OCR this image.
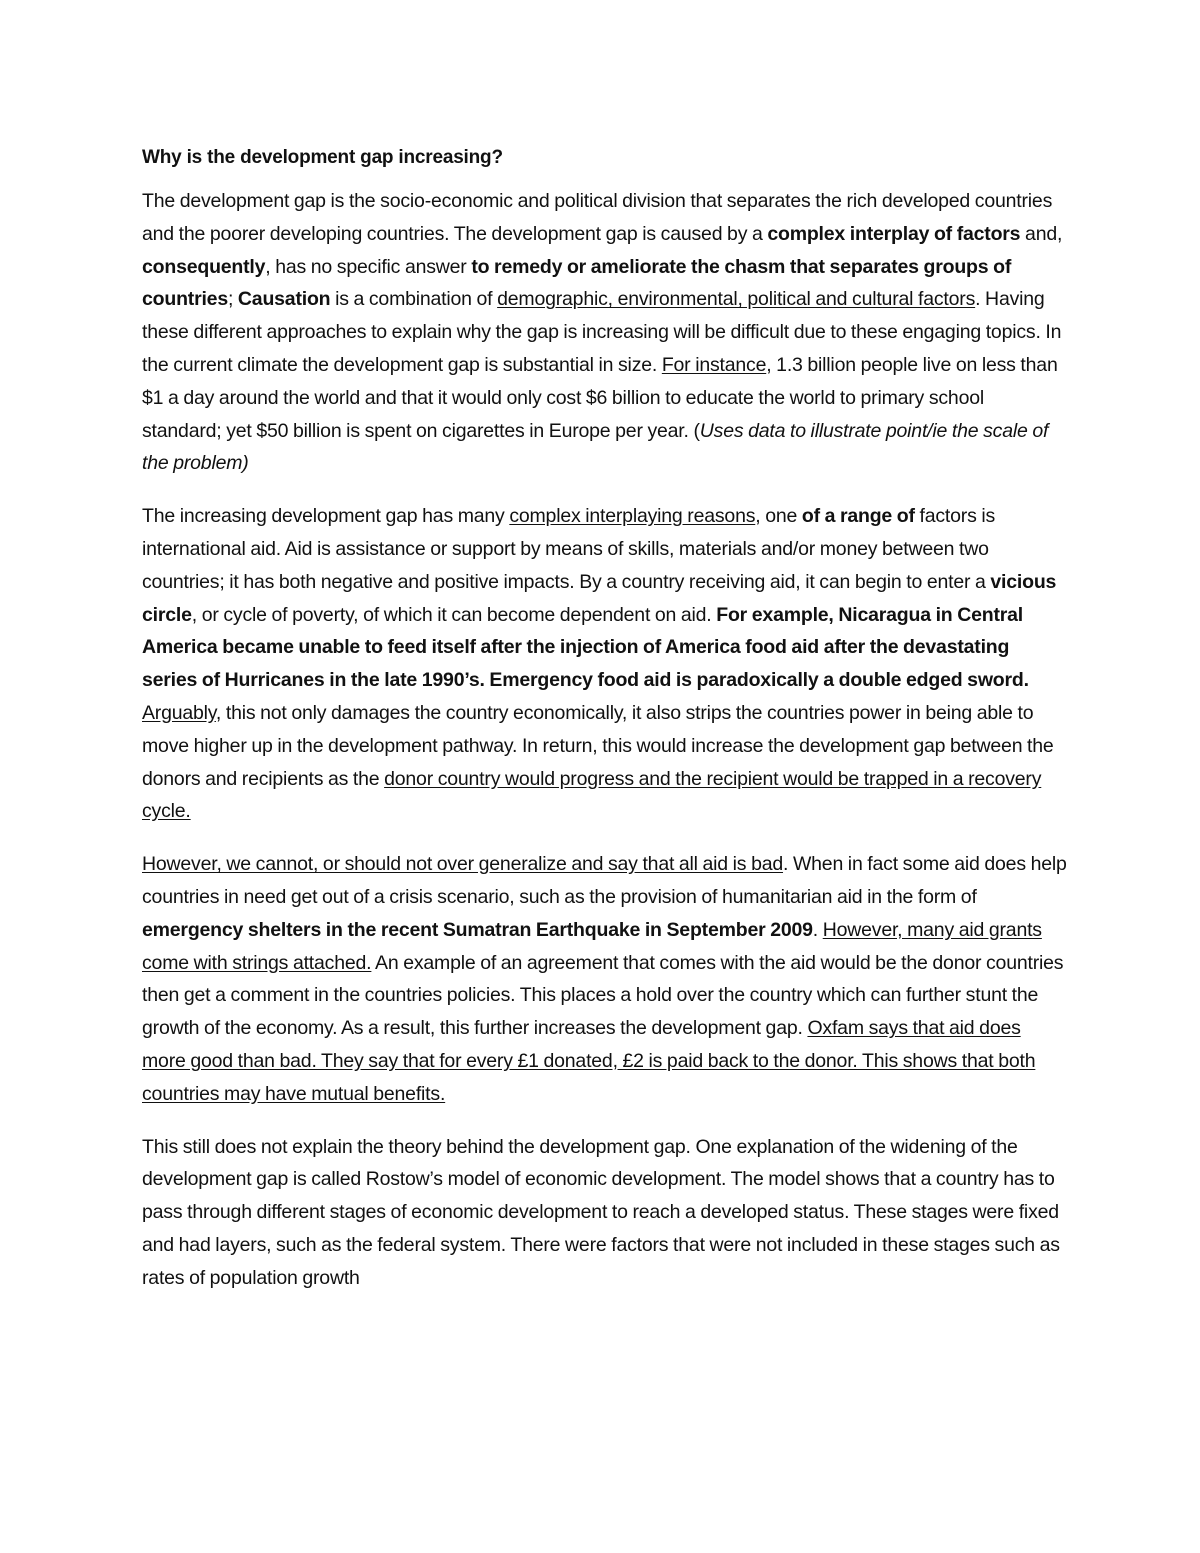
Why is the development gap increasing?
The development gap is the socio-economic and political division that separates the rich developed countries and the poorer developing countries. The development gap is caused by a complex interplay of factors and, consequently, has no specific answer to remedy or ameliorate the chasm that separates groups of countries; Causation is a combination of demographic, environmental, political and cultural factors. Having these different approaches to explain why the gap is increasing will be difficult due to these engaging topics. In the current climate the development gap is substantial in size. For instance, 1.3 billion people live on less than $1 a day around the world and that it would only cost $6 billion to educate the world to primary school standard; yet $50 billion is spent on cigarettes in Europe per year. (Uses data to illustrate point/ie the scale of the problem)
The increasing development gap has many complex interplaying reasons, one of a range of factors is international aid. Aid is assistance or support by means of skills, materials and/or money between two countries; it has both negative and positive impacts. By a country receiving aid, it can begin to enter a vicious circle, or cycle of poverty, of which it can become dependent on aid. For example, Nicaragua in Central America became unable to feed itself after the injection of America food aid after the devastating series of Hurricanes in the late 1990’s. Emergency food aid is paradoxically a double edged sword. Arguably, this not only damages the country economically, it also strips the countries power in being able to move higher up in the development pathway. In return, this would increase the development gap between the donors and recipients as the donor country would progress and the recipient would be trapped in a recovery cycle.
However, we cannot, or should not over generalize and say that all aid is bad. When in fact some aid does help countries in need get out of a crisis scenario, such as the provision of humanitarian aid in the form of emergency shelters in the recent Sumatran Earthquake in September 2009. However, many aid grants come with strings attached. An example of an agreement that comes with the aid would be the donor countries then get a comment in the countries policies. This places a hold over the country which can further stunt the growth of the economy. As a result, this further increases the development gap. Oxfam says that aid does more good than bad. They say that for every £1 donated, £2 is paid back to the donor. This shows that both countries may have mutual benefits.
This still does not explain the theory behind the development gap. One explanation of the widening of the development gap is called Rostow’s model of economic development. The model shows that a country has to pass through different stages of economic development to reach a developed status. These stages were fixed and had layers, such as the federal system. There were factors that were not included in these stages such as rates of population growth
